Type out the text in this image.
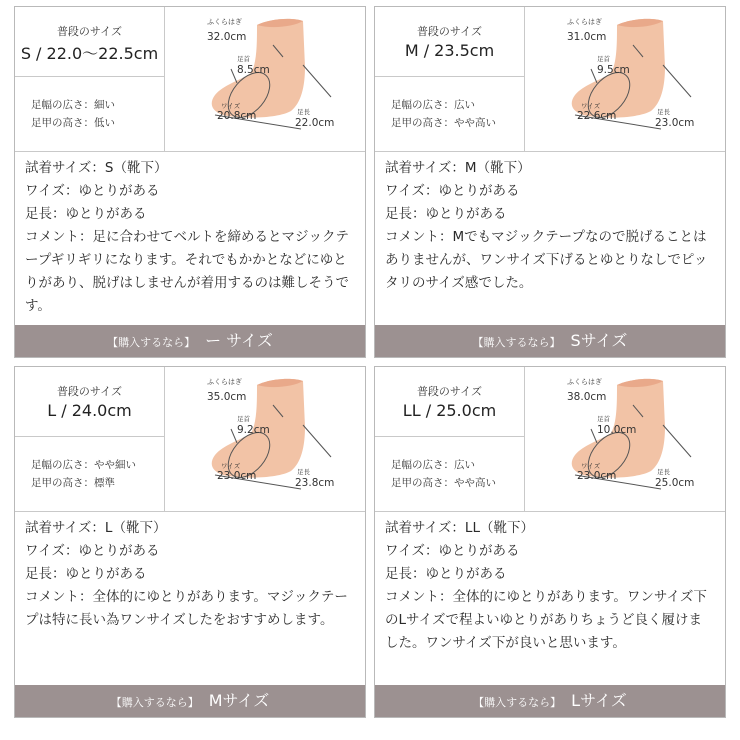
普段のサイズ
S / 22.0〜22.5cm
足幅の広さ：細い
足甲の高さ：低い
ふくらはぎ
32.0cm
足首
8.5cm
ワイズ
20.8cm	足長
22.0cm
試着サイズ：S（靴下）
ワイズ：ゆとりがある
足長：ゆとりがある
コメント：足に合わせてベルトを締めるとマジックテープギリギリになります。それでもかかとなどにゆとりがあり、脱げはしませんが着用するのは難しそうです。
【購入するなら】 ー サイズ
普段のサイズ
M / 23.5cm
足幅の広さ：広い
足甲の高さ：やや高い
ふくらはぎ
31.0cm
足首
9.5cm
ワイズ
22.6cm	足長
23.0cm
試着サイズ：M（靴下）
ワイズ：ゆとりがある
足長：ゆとりがある
コメント：Mでもマジックテープなので脱げることはありませんが、ワンサイズ下げるとゆとりなしでピッタリのサイズ感でした。
【購入するなら】 Sサイズ
普段のサイズ
L / 24.0cm
足幅の広さ：やや細い
足甲の高さ：標準
ふくらはぎ
35.0cm
足首
9.2cm
ワイズ
23.0cm	足長
23.8cm
試着サイズ：L（靴下）
ワイズ：ゆとりがある
足長：ゆとりがある
コメント：全体的にゆとりがあります。マジックテープは特に長い為ワンサイズしたをおすすめします。
【購入するなら】 Mサイズ
普段のサイズ
LL / 25.0cm
足幅の広さ：広い
足甲の高さ：やや高い
ふくらはぎ
38.0cm
足首
10.0cm
ワイズ
23.0cm	足長
25.0cm
試着サイズ：LL（靴下）
ワイズ：ゆとりがある
足長：ゆとりがある
コメント：全体的にゆとりがあります。ワンサイズ下のLサイズで程よいゆとりがありちょうど良く履けました。ワンサイズ下が良いと思います。
【購入するなら】 Lサイズ
